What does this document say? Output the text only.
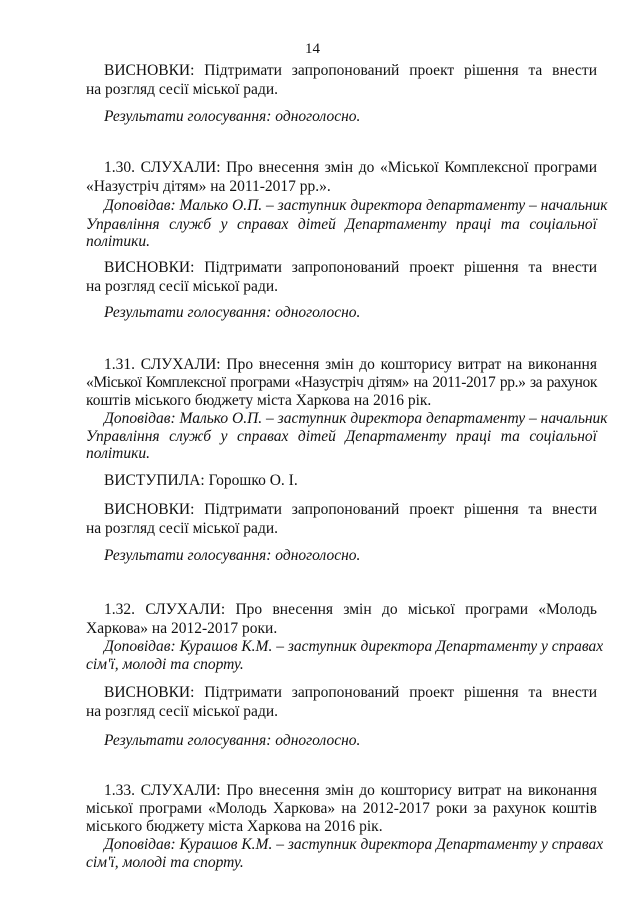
14
ВИСНОВКИ: Підтримати запропонований проект рішення та внести
на розгляд сесії міської ради.
Результати голосування: одноголосно.
1.30. СЛУХАЛИ: Про внесення змін до «Міської Комплексної програми
«Назустріч дітям» на 2011-2017 рр.».
Доповідав: Малько О.П. – заступник директора департаменту – начальник
Управління служб у справах дітей Департаменту праці та соціальної
політики.
ВИСНОВКИ: Підтримати запропонований проект рішення та внести
на розгляд сесії міської ради.
Результати голосування: одноголосно.
1.31. СЛУХАЛИ: Про внесення змін до кошторису витрат на виконання
«Міської Комплексної програми «Назустріч дітям» на 2011-2017 рр.» за рахунок
коштів міського бюджету міста Харкова на 2016 рік.
Доповідав: Малько О.П. – заступник директора департаменту – начальник
Управління служб у справах дітей Департаменту праці та соціальної
політики.
ВИСТУПИЛА: Горошко О. І.
ВИСНОВКИ: Підтримати запропонований проект рішення та внести
на розгляд сесії міської ради.
Результати голосування: одноголосно.
1.32. СЛУХАЛИ: Про внесення змін до міської програми «Молодь
Харкова» на 2012-2017 роки.
Доповідав: Курашов К.М. – заступник директора Департаменту у справах
сім'ї, молоді та спорту.
ВИСНОВКИ: Підтримати запропонований проект рішення та внести
на розгляд сесії міської ради.
Результати голосування: одноголосно.
1.33. СЛУХАЛИ: Про внесення змін до кошторису витрат на виконання
міської програми «Молодь Харкова» на 2012-2017 роки за рахунок коштів
міського бюджету міста Харкова на 2016 рік.
Доповідав: Курашов К.М. – заступник директора Департаменту у справах
сім'ї, молоді та спорту.
